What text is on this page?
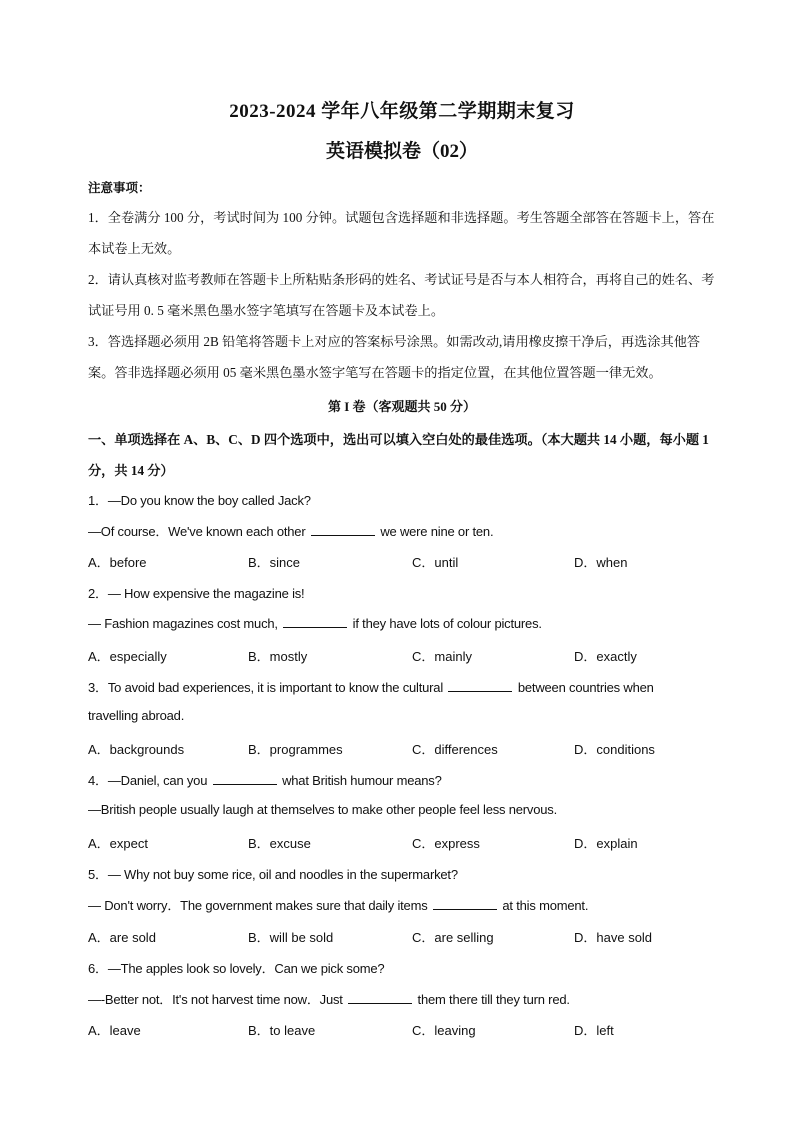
2023-2024 学年八年级第二学期期末复习
英语模拟卷（02）
注意事项：
1．全卷满分 100 分，考试时间为 100 分钟。试题包含选择题和非选择题。考生答题全部答在答题卡上，答在本试卷上无效。
2．请认真核对监考教师在答题卡上所粘贴条形码的姓名、考试证号是否与本人相符合，再将自己的姓名、考试证号用 0. 5 毫米黑色墨水签字笔填写在答题卡及本试卷上。
3．答选择题必须用 2B 铅笔将答题卡上对应的答案标号涂黑。如需改动,请用橡皮擦干净后，再选涂其他答案。答非选择题必须用 05 毫米黑色墨水签字笔写在答题卡的指定位置，在其他位置答题一律无效。
第 I 卷（客观题共 50 分）
一、单项选择在 A、B、C、D 四个选项中，选出可以填入空白处的最佳选项。（本大题共 14 小题，每小题 1 分，共 14 分）
1．—Do you know the boy called Jack?
—Of course．We've known each other	we were nine or ten.
A．before	B．since	C．until	D．when
2．— How expensive the magazine is!
— Fashion magazines cost much,	if they have lots of colour pictures.
A．especially	B．mostly	C．mainly	D．exactly
3．To avoid bad experiences, it is important to know the cultural	between countries when
travelling abroad.
A．backgrounds	B．programmes	C．differences	D．conditions
4．—Daniel, can you	what British humour means?
—British people usually laugh at themselves to make other people feel less nervous.
A．expect	B．excuse	C．express	D．explain
5．— Why not buy some rice, oil and noodles in the supermarket?
— Don't worry．The government makes sure that daily items	at this moment.
A．are sold	B．will be sold	C．are selling	D．have sold
6．—The apples look so lovely．Can we pick some?
—-Better not．It's not harvest time now．Just	them there till they turn red.
A．leave	B．to leave	C．leaving	D．left
